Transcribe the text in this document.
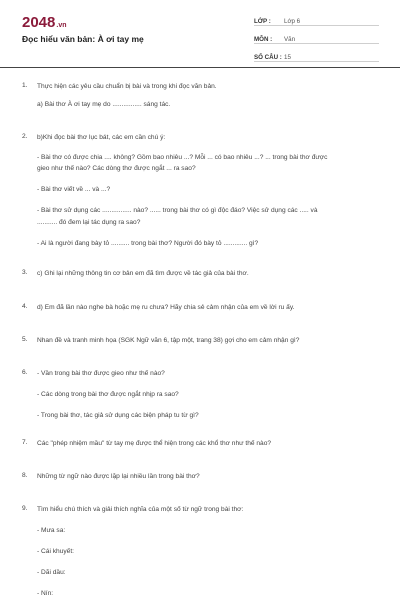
2048.vn
Đọc hiểu văn bản: À ơi tay mẹ
LỚP :	Lớp 6
MÔN :	Văn
SỐ CÂU : 15
1. Thực hiện các yêu cầu chuẩn bị bài và trong khi đọc văn bản.
a) Bài thơ À ơi tay mẹ do ................ sáng tác.
2. b)Khi đọc bài thơ lục bát, các em cần chú ý:
- Bài thơ có được chia .... không? Gồm bao nhiêu ...? Mỗi ... có bao nhiêu ...? ... trong bài thơ được
gieo như thế nào? Các dòng thơ được ngắt ... ra sao?
- Bài thơ viết về ... và ...?
- Bài thơ sử dụng các ................ nào? ...... trong bài thơ có gì độc đáo? Việc sử dụng các ..... và
........... đó đem lại tác dụng ra sao?
- Ai là người đang bày tỏ .......... trong bài thơ? Người đó bày tỏ ............. gì?
3. c) Ghi lại những thông tin cơ bản em đã tìm được về tác giả của bài thơ.
4. d) Em đã lần nào nghe bà hoặc mẹ ru chưa? Hãy chia sẻ cảm nhận của em về lời ru ấy.
5. Nhan đề và tranh minh họa (SGK Ngữ văn 6, tập một, trang 38) gợi cho em cảm nhận gì?
6. - Vần trong bài thơ được gieo như thế nào?
- Các dòng trong bài thơ được ngắt nhịp ra sao?
- Trong bài thơ, tác giả sử dụng các biện pháp tu từ gì?
7. Các "phép nhiệm mầu" từ tay mẹ được thể hiện trong các khổ thơ như thế nào?
8. Những từ ngữ nào được lặp lại nhiều lần trong bài thơ?
9. Tìm hiểu chú thích và giải thích nghĩa của một số từ ngữ trong bài thơ:
- Mưa sa:
- Cái khuyết:
- Dãi dầu:
- Nín:
